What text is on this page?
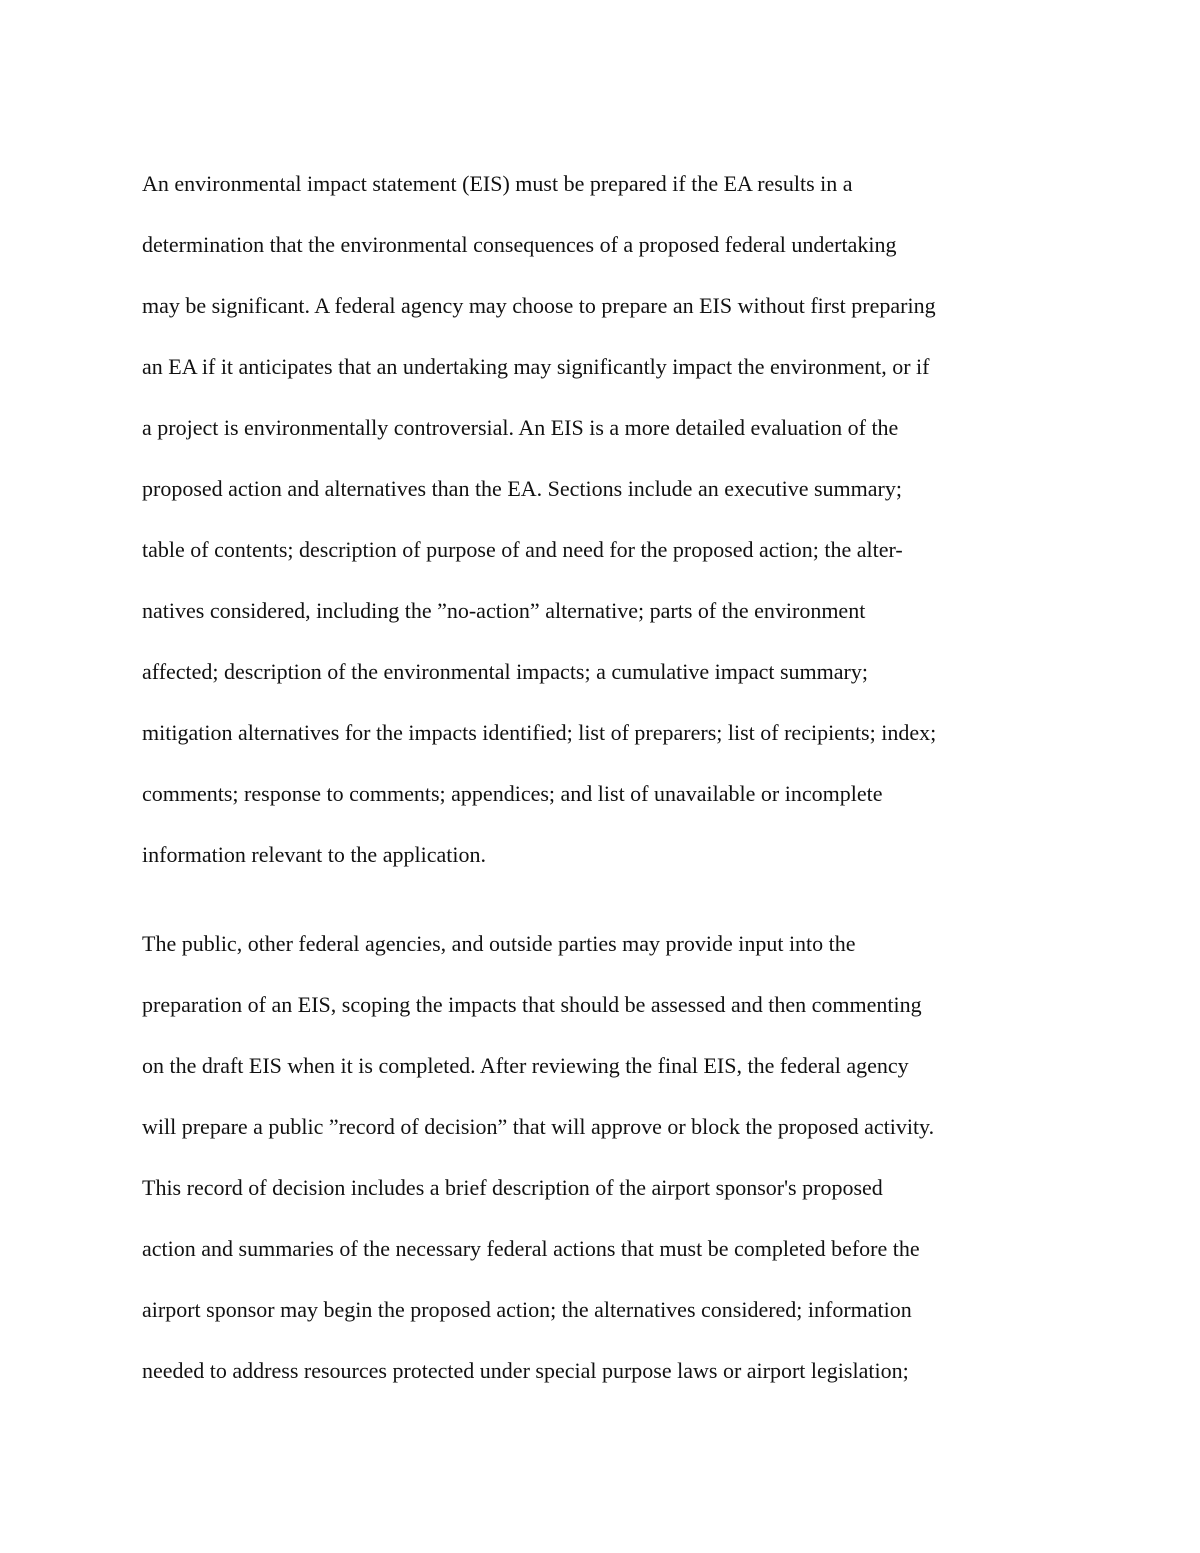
An environmental impact statement (EIS) must be prepared if the EA results in a

determination that the environmental consequences of a proposed federal undertaking

may be significant. A federal agency may choose to prepare an EIS without first preparing

an EA if it anticipates that an undertaking may significantly impact the environment, or if

a project is environmentally controversial. An EIS is a more detailed evaluation of the

proposed action and alternatives than the EA. Sections include an executive summary;

table of contents; description of purpose of and need for the proposed action; the alter-

natives considered, including the ”no-action” alternative; parts of the environment

affected; description of the environmental impacts; a cumulative impact summary;

mitigation alternatives for the impacts identified; list of preparers; list of recipients; index;

comments; response to comments; appendices; and list of unavailable or incomplete

information relevant to the application.

The public, other federal agencies, and outside parties may provide input into the

preparation of an EIS, scoping the impacts that should be assessed and then commenting

on the draft EIS when it is completed. After reviewing the final EIS, the federal agency

will prepare a public ”record of decision” that will approve or block the proposed activity.

This record of decision includes a brief description of the airport sponsor's proposed

action and summaries of the necessary federal actions that must be completed before the

airport sponsor may begin the proposed action; the alternatives considered; information

needed to address resources protected under special purpose laws or airport legislation;
